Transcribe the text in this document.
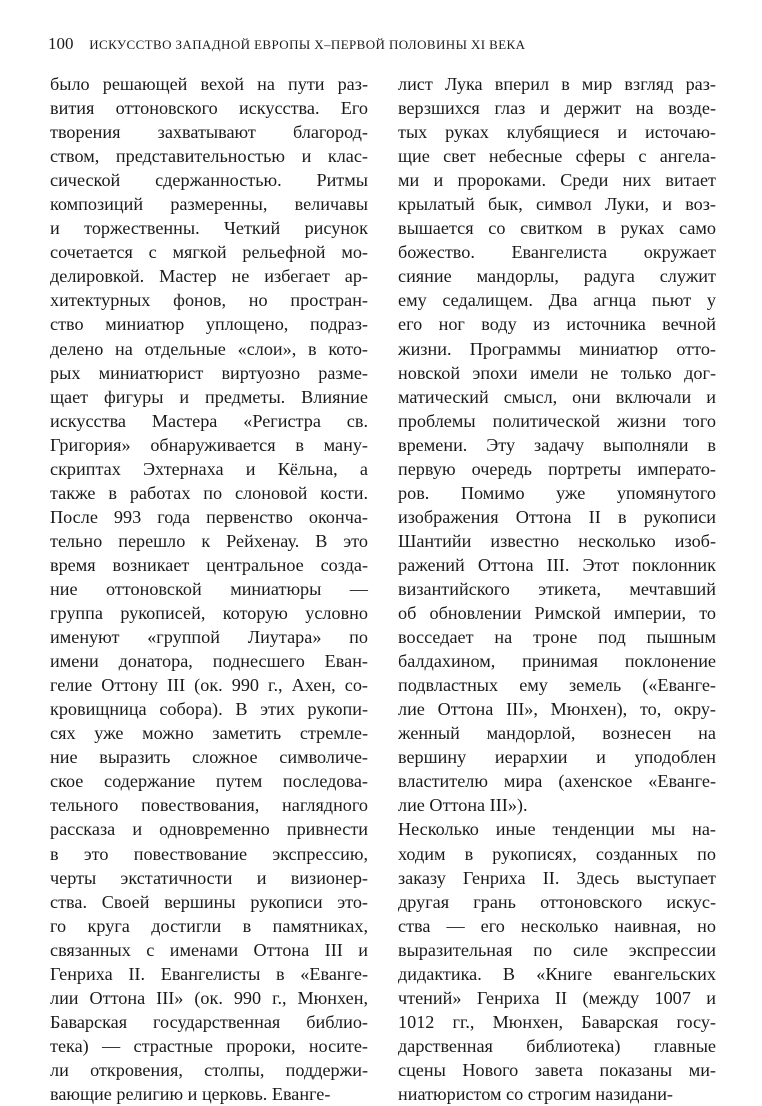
100 ИСКУССТВО ЗАПАДНОЙ ЕВРОПЫ X–ПЕРВОЙ ПОЛОВИНЫ XI ВЕКА
было решающей вехой на пути раз-
вития оттоновского искусства. Его
творения захватывают благород-
ством, представительностью и клас-
сической сдержанностью. Ритмы
композиций размеренны, величавы
и торжественны. Четкий рисунок
сочетается с мягкой рельефной мо-
делировкой. Мастер не избегает ар-
хитектурных фонов, но простран-
ство миниатюр уплощено, подраз-
делено на отдельные «слои», в кото-
рых миниатюрист виртуозно разме-
щает фигуры и предметы. Влияние
искусства Мастера «Регистра св.
Григория» обнаруживается в ману-
скриптах Эхтернаха и Кёльна, а
также в работах по слоновой кости.
После 993 года первенство оконча-
тельно перешло к Рейхенау. В это
время возникает центральное созда-
ние оттоновской миниатюры —
группа рукописей, которую условно
именуют «группой Лиутара» по
имени донатора, поднесшего Еван-
гелие Оттону III (ок. 990 г., Ахен, со-
кровищница собора). В этих рукопи-
сях уже можно заметить стремле-
ние выразить сложное символиче-
ское содержание путем последова-
тельного повествования, наглядного
рассказа и одновременно привнести
в это повествование экспрессию,
черты экстатичности и визионер-
ства. Своей вершины рукописи это-
го круга достигли в памятниках,
связанных с именами Оттона III и
Генриха II. Евангелисты в «Еванге-
лии Оттона III» (ок. 990 г., Мюнхен,
Баварская государственная библио-
тека) — страстные пророки, носите-
ли откровения, столпы, поддержи-
вающие религию и церковь. Еванге-
лист Лука вперил в мир взгляд раз-
верзшихся глаз и держит на возде-
тых руках клубящиеся и источаю-
щие свет небесные сферы с ангела-
ми и пророками. Среди них витает
крылатый бык, символ Луки, и воз-
вышается со свитком в руках само
божество. Евангелиста окружает
сияние мандорлы, радуга служит
ему седалищем. Два агнца пьют у
его ног воду из источника вечной
жизни. Программы миниатюр отто-
новской эпохи имели не только дог-
матический смысл, они включали и
проблемы политической жизни того
времени. Эту задачу выполняли в
первую очередь портреты императо-
ров. Помимо уже упомянутого
изображения Оттона II в рукописи
Шантийи известно несколько изоб-
ражений Оттона III. Этот поклонник
византийского этикета, мечтавший
об обновлении Римской империи, то
восседает на троне под пышным
балдахином, принимая поклонение
подвластных ему земель («Еванге-
лие Оттона III», Мюнхен), то, окру-
женный мандорлой, вознесен на
вершину иерархии и уподоблен
властителю мира (ахенское «Еванге-
лие Оттона III»).
Несколько иные тенденции мы на-
ходим в рукописях, созданных по
заказу Генриха II. Здесь выступает
другая грань оттоновского искус-
ства — его несколько наивная, но
выразительная по силе экспрессии
дидактика. В «Книге евангельских
чтений» Генриха II (между 1007 и
1012 гг., Мюнхен, Баварская госу-
дарственная библиотека) главные
сцены Нового завета показаны ми-
ниатюристом со строгим назидани-
